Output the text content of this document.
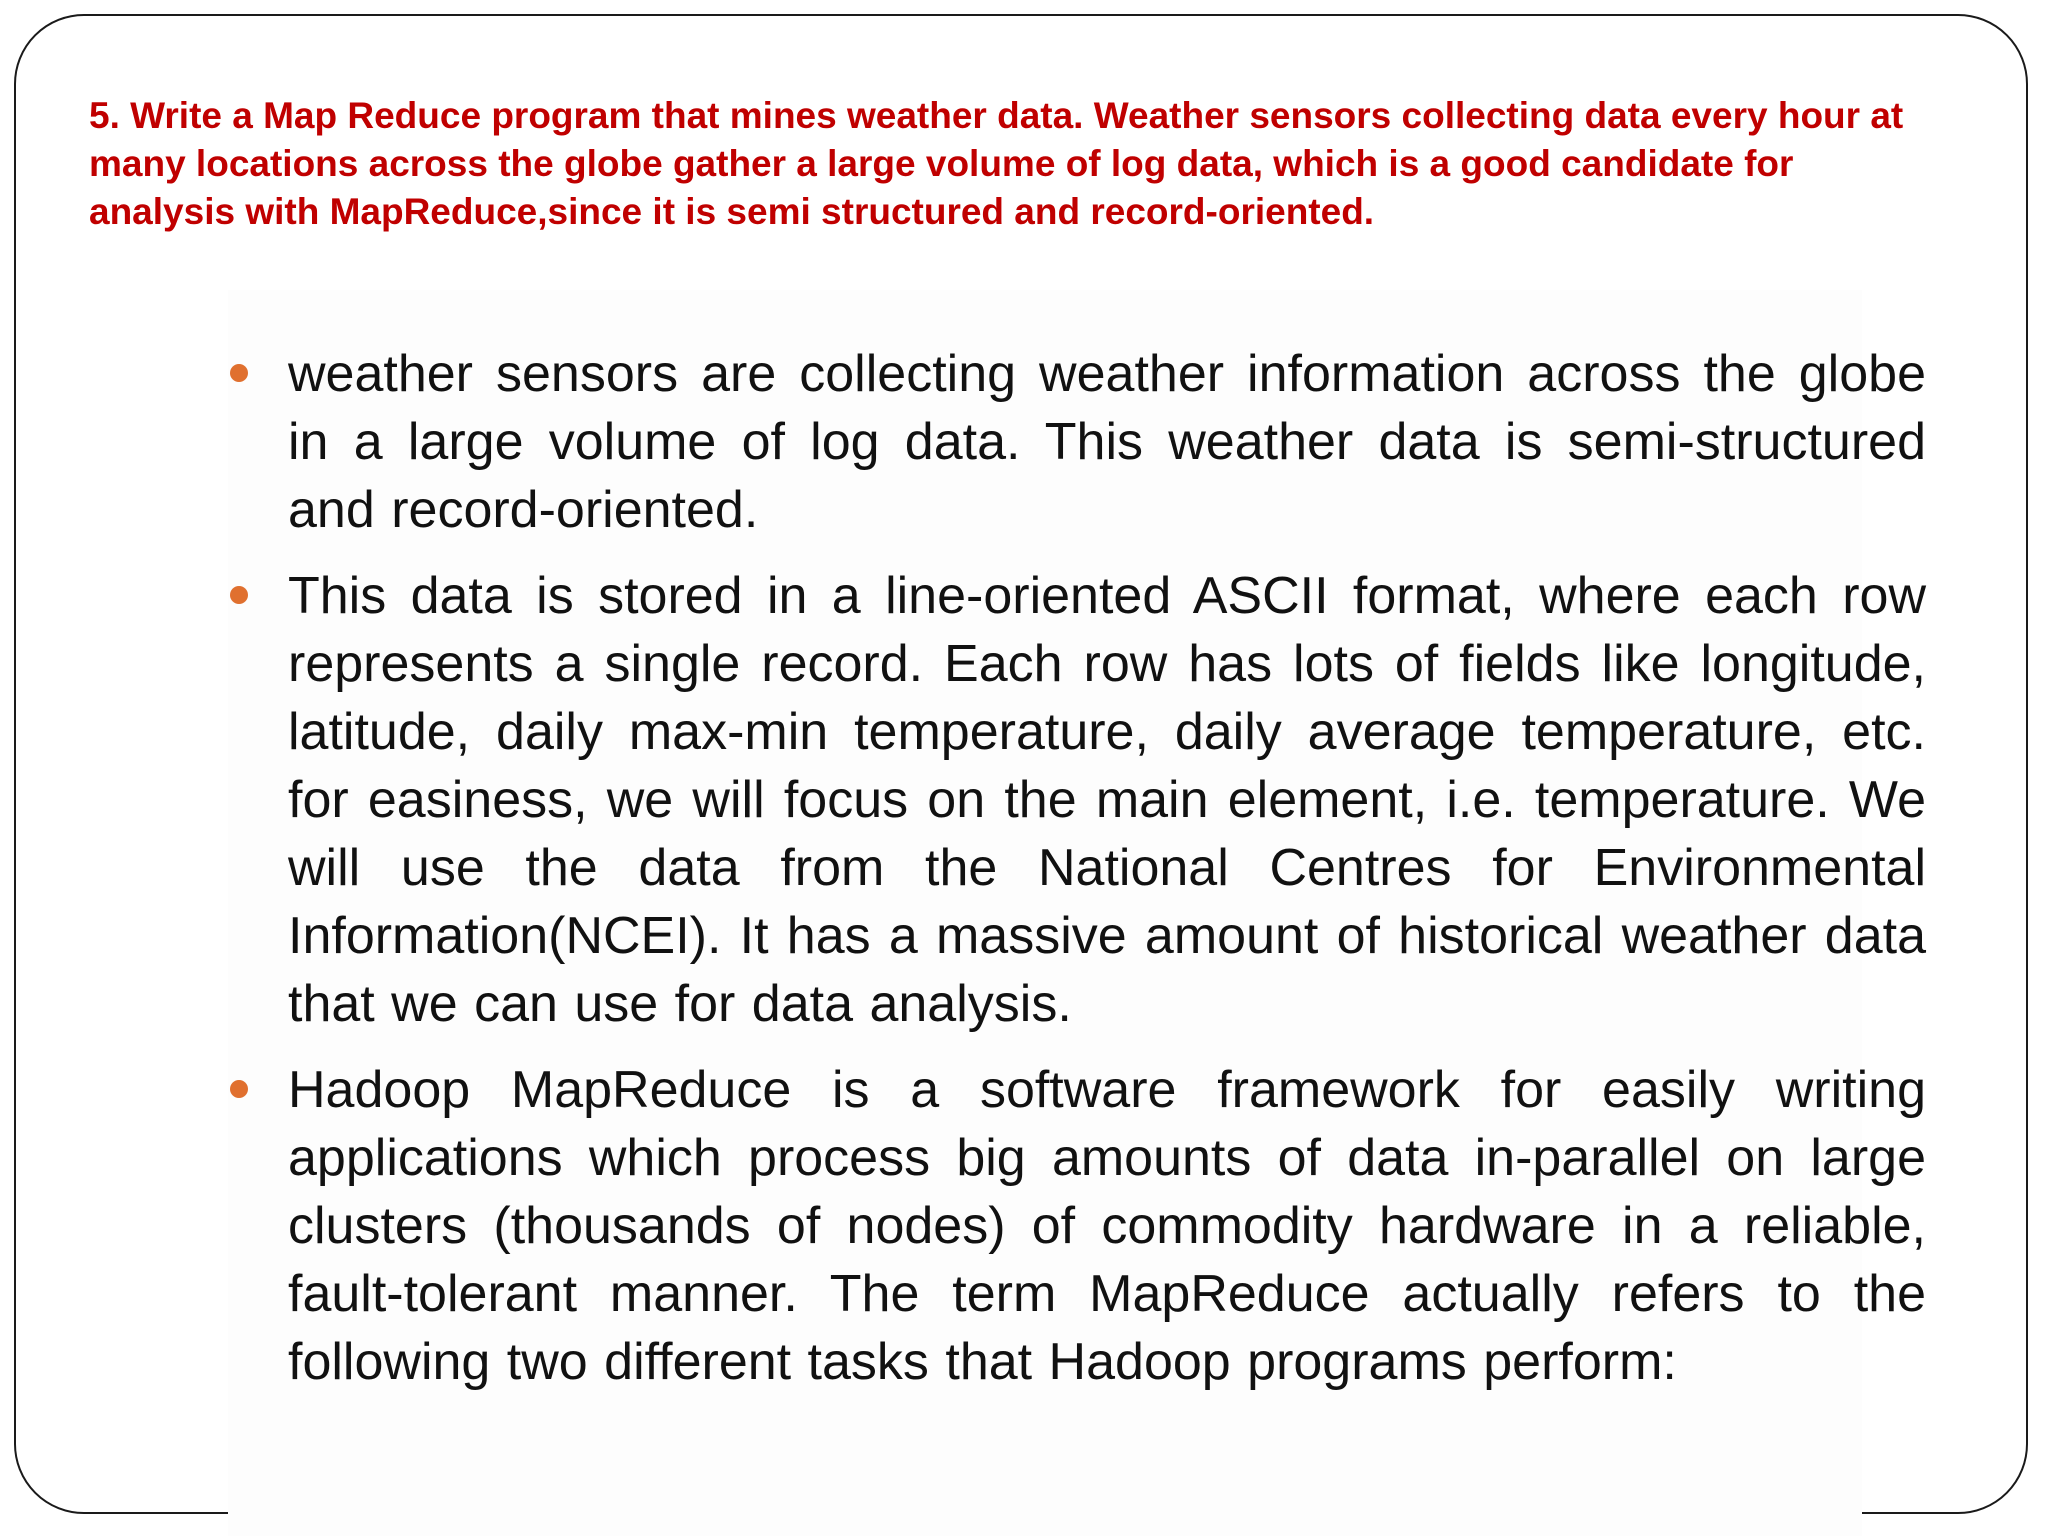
5. Write a Map Reduce program that mines weather data. Weather sensors collecting data every hour at many locations across the globe gather a large volume of log data, which is a good candidate for analysis with MapReduce,since it is semi structured and record-oriented.
weather sensors are collecting weather information across the globe in a large volume of log data. This weather data is semi-structured and record-oriented.
This data is stored in a line-oriented ASCII format, where each row represents a single record. Each row has lots of fields like longitude, latitude, daily max-min temperature, daily average temperature, etc. for easiness, we will focus on the main element, i.e. temperature. We will use the data from the National Centres for Environmental Information(NCEI). It has a massive amount of historical weather data that we can use for data analysis.
Hadoop MapReduce is a software framework for easily writing applications which process big amounts of data in-parallel on large clusters (thousands of nodes) of commodity hardware in a reliable, fault-tolerant manner. The term MapReduce actually refers to the following two different tasks that Hadoop programs perform:
